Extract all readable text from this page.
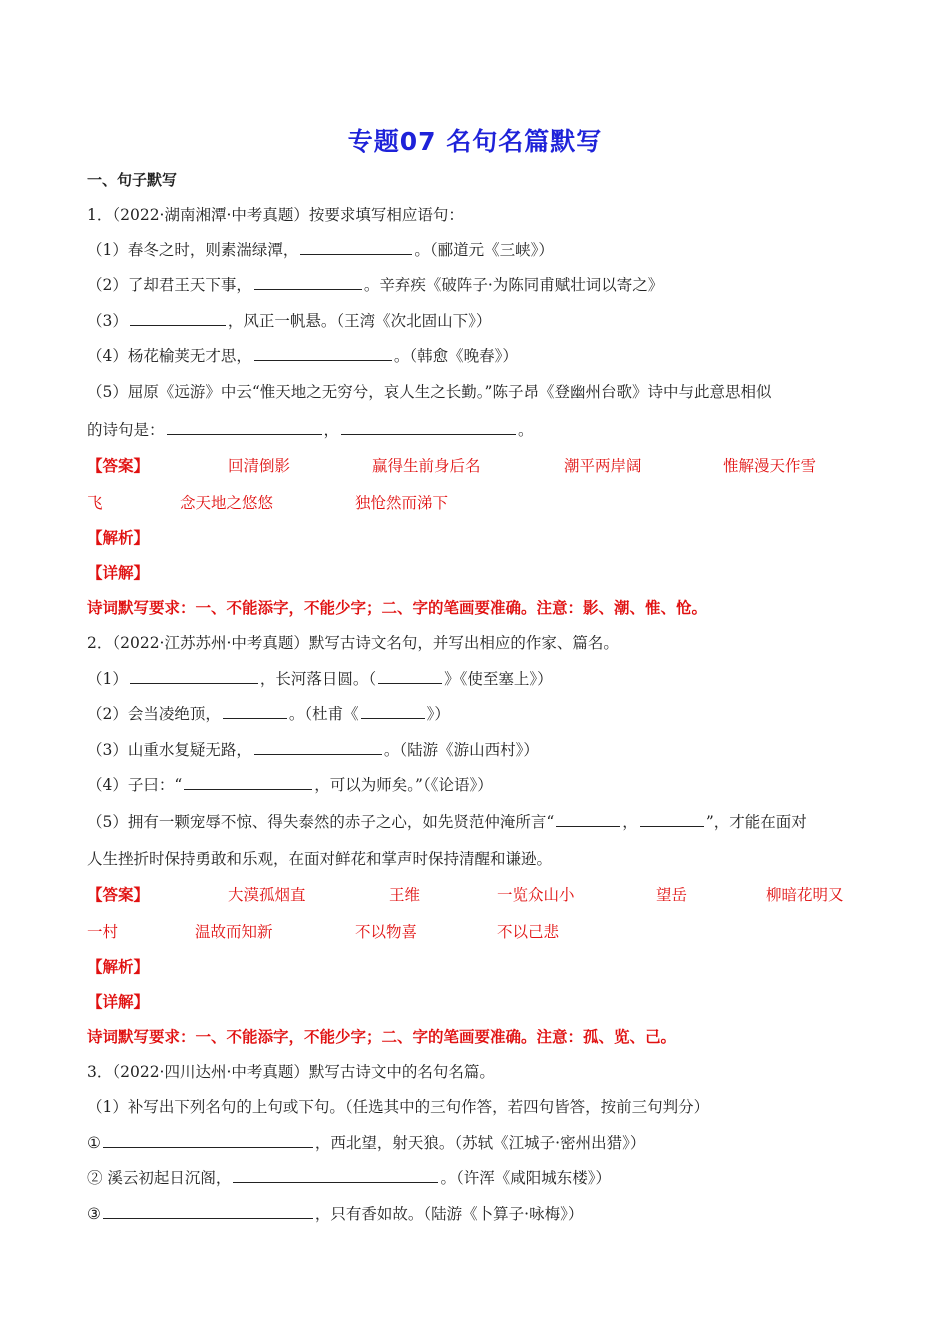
专题07 名句名篇默写
一、句子默写
1．（2022·湖南湘潭·中考真题）按要求填写相应语句：
（1）春冬之时，则素湍绿潭，	。（郦道元《三峡》）
（2）了却君王天下事，	。辛弃疾《破阵子·为陈同甫赋壮词以寄之》
（3）	，风正一帆悬。（王湾《次北固山下》）
（4）杨花榆荚无才思，	。（韩愈《晚春》）
（5）屈原《远游》中云“惟天地之无穷兮，哀人生之长勤。”陈子昂《登幽州台歌》诗中与此意思相似
的诗句是：	，	。
【答案】	回清倒影	赢得生前身后名	潮平两岸阔	惟解漫天作雪
飞	念天地之悠悠	独怆然而涕下
【解析】
【详解】
诗词默写要求：一、不能添字，不能少字；二、字的笔画要准确。注意：影、潮、惟、怆。
2．（2022·江苏苏州·中考真题）默写古诗文名句，并写出相应的作家、篇名。
（1）	，长河落日圆。（	》《使至塞上》）
（2）会当凌绝顶，	。（杜甫《	》）
（3）山重水复疑无路，	。（陆游《游山西村》）
（4）子曰：“	，可以为师矣。”（《论语》）
（5）拥有一颗宠辱不惊、得失泰然的赤子之心，如先贤范仲淹所言“	，	”，才能在面对
人生挫折时保持勇敢和乐观，在面对鲜花和掌声时保持清醒和谦逊。
【答案】	大漠孤烟直	王维	一览众山小	望岳	柳暗花明又
一村	温故而知新	不以物喜	不以己悲
【解析】
【详解】
诗词默写要求：一、不能添字，不能少字；二、字的笔画要准确。注意：孤、览、己。
3．（2022·四川达州·中考真题）默写古诗文中的名句名篇。
（1）补写出下列名句的上句或下句。（任选其中的三句作答，若四句皆答，按前三句判分）
①	，西北望，射天狼。（苏轼《江城子·密州出猎》）
② 溪云初起日沉阁，	。（许浑《咸阳城东楼》）
③	，只有香如故。（陆游《卜算子·咏梅》）
